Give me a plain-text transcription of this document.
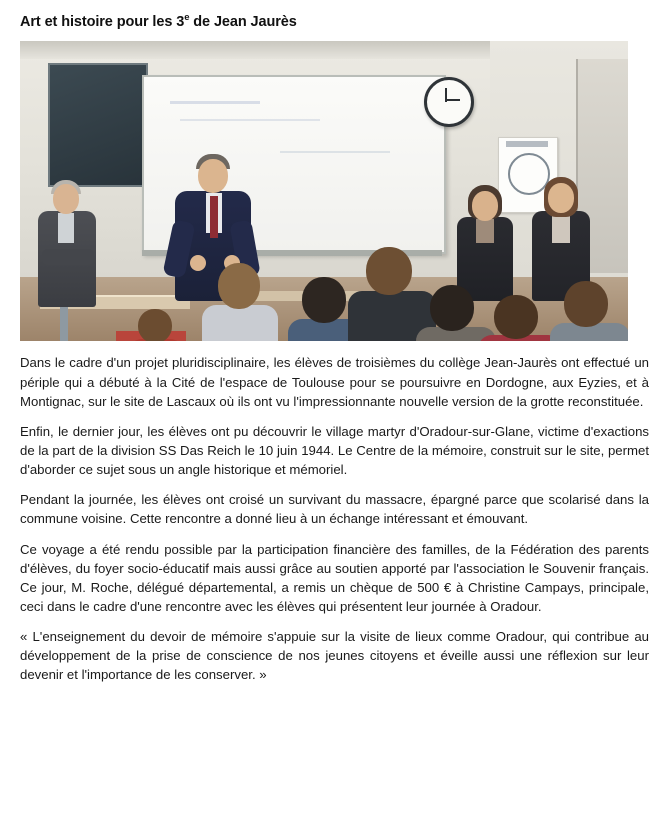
Art et histoire pour les 3e de Jean Jaurès

Dans le cadre d'un projet pluridisciplinaire, les élèves de troisièmes du collège Jean-Jaurès ont effectué un périple qui a débuté à la Cité de l'espace de Toulouse pour se poursuivre en Dordogne, aux Eyzies, et à Montignac, sur le site de Lascaux où ils ont vu l'impressionnante nouvelle version de la grotte reconstituée.

Enfin, le dernier jour, les élèves ont pu découvrir le village martyr d'Oradour-sur-Glane, victime d'exactions de la part de la division SS Das Reich le 10 juin 1944. Le Centre de la mémoire, construit sur le site, permet d'aborder ce sujet sous un angle historique et mémoriel.

Pendant la journée, les élèves ont croisé un survivant du massacre, épargné parce que scolarisé dans la commune voisine. Cette rencontre a donné lieu à un échange intéressant et émouvant.

Ce voyage a été rendu possible par la participation financière des familles, de la Fédération des parents d'élèves, du foyer socio-éducatif mais aussi grâce au soutien apporté par l'association le Souvenir français. Ce jour, M. Roche, délégué départemental, a remis un chèque de 500 € à Christine Campays, principale, ceci dans le cadre d'une rencontre avec les élèves qui présentent leur journée à Oradour.

« L'enseignement du devoir de mémoire s'appuie sur la visite de lieux comme Oradour, qui contribue au développement de la prise de conscience de nos jeunes citoyens et éveille aussi une réflexion sur leur devenir et l'importance de les conserver. »
